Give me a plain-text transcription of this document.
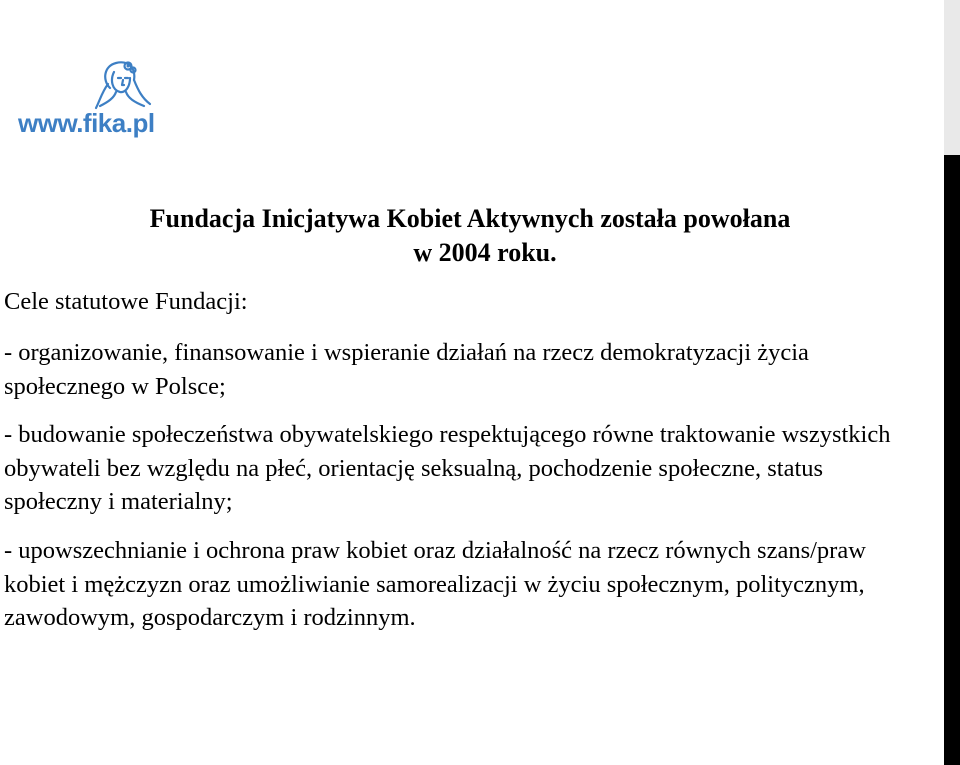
www.fika.pl
Fundacja Inicjatywa Kobiet Aktywnych została powołana
w 2004 roku.

Cele statutowe Fundacji:

- organizowanie, finansowanie i wspieranie działań na rzecz demokratyzacji życia społecznego w Polsce;

- budowanie społeczeństwa obywatelskiego respektującego równe traktowanie wszystkich obywateli bez względu na płeć, orientację seksualną, pochodzenie społeczne, status społeczny i materialny;

- upowszechnianie i ochrona praw kobiet oraz działalność na rzecz równych szans/praw kobiet i mężczyzn oraz umożliwianie samorealizacji w życiu społecznym, politycznym, zawodowym, gospodarczym i rodzinnym.
